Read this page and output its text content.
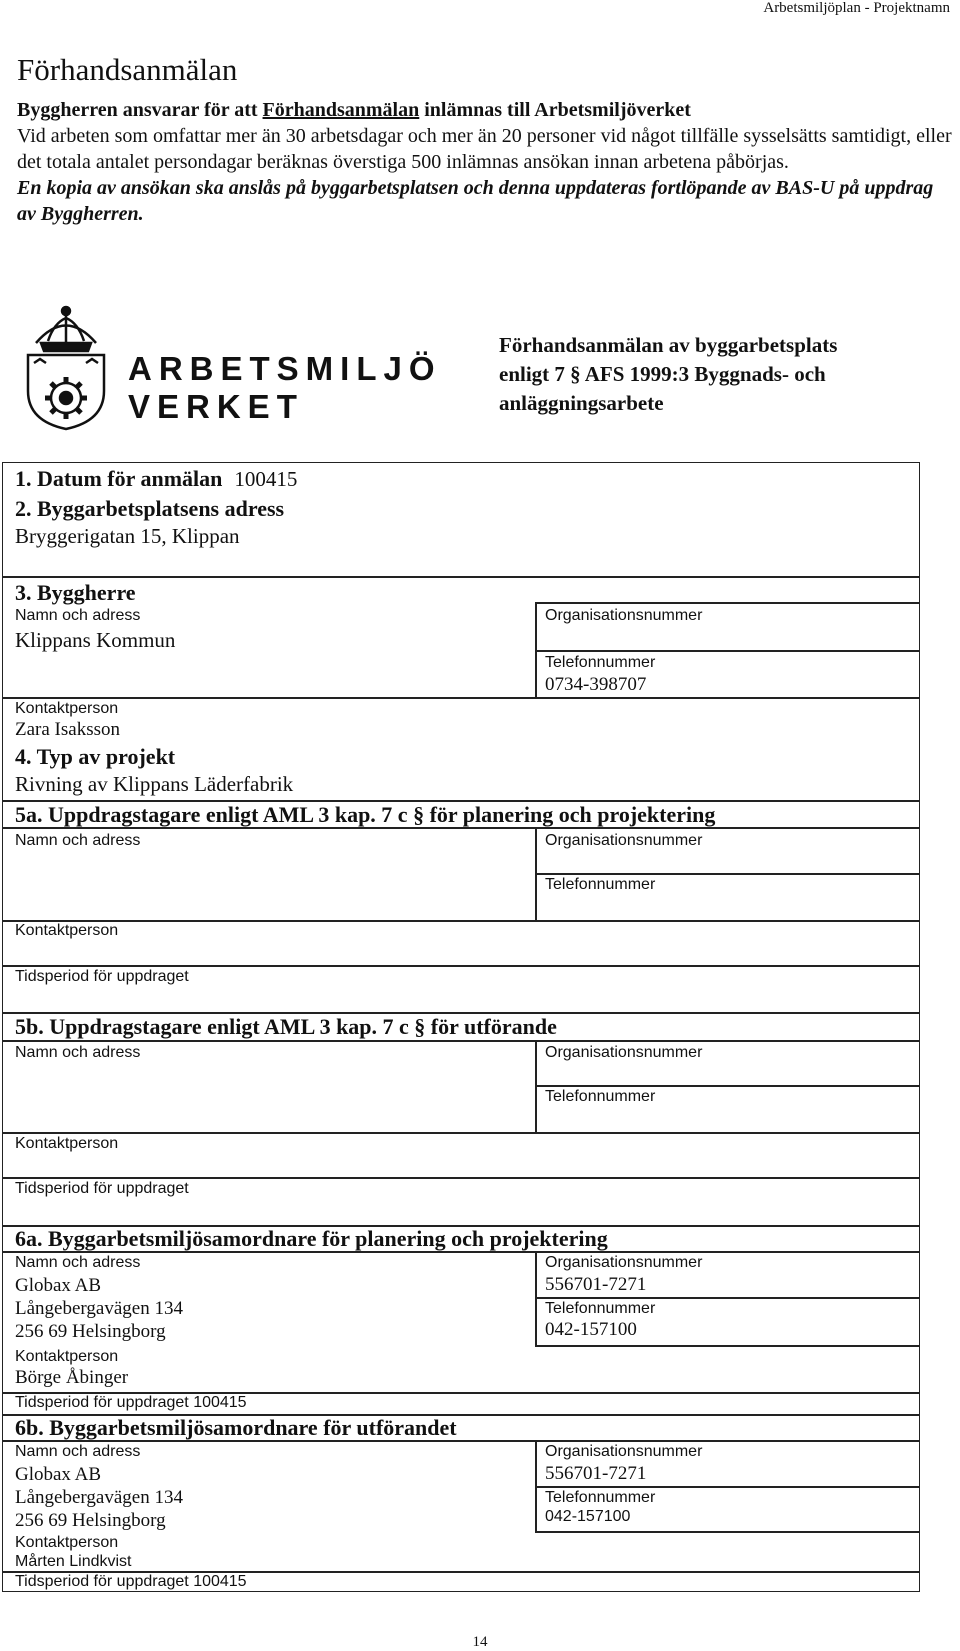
Arbetsmiljöplan - Projektnamn
Förhandsanmälan
Byggherren ansvarar för att Förhandsanmälan inlämnas till Arbetsmiljöverket
Vid arbeten som omfattar mer än 30 arbetsdagar och mer än 20 personer vid något tillfälle sysselsätts samtidigt, eller det totala antalet persondagar beräknas överstiga 500 inlämnas ansökan innan arbetena påbörjas.
En kopia av ansökan ska anslås på byggarbetsplatsen och denna uppdateras fortlöpande av BAS-U på uppdrag av Byggherren.
ARBETSMILJÖ
VERKET
Förhandsanmälan av byggarbetsplats
enligt 7 § AFS 1999:3 Byggnads- och
anläggningsarbete
1. Datum för anmälan 100415
2. Byggarbetsplatsens adress
Bryggerigatan 15, Klippan
3. Byggherre
Namn och adress
Klippans Kommun
Organisationsnummer
Telefonnummer
0734-398707
Kontaktperson
Zara Isaksson
4. Typ av projekt
Rivning av Klippans Läderfabrik
5a. Uppdragstagare enligt AML 3 kap. 7 c § för planering och projektering
Namn och adress	Organisationsnummer
Telefonnummer
Kontaktperson
Tidsperiod för uppdraget
5b. Uppdragstagare enligt AML 3 kap. 7 c § för utförande
Namn och adress	Organisationsnummer
Telefonnummer
Kontaktperson
Tidsperiod för uppdraget
6a. Byggarbetsmiljösamordnare för planering och projektering
Namn och adress
Globax AB
Långebergavägen 134
256 69 Helsingborg
Organisationsnummer
556701-7271
Telefonnummer
042-157100
Kontaktperson
Börge Åbinger
Tidsperiod för uppdraget 100415
6b. Byggarbetsmiljösamordnare för utförandet
Namn och adress
Globax AB
Långebergavägen 134
256 69 Helsingborg
Organisationsnummer
556701-7271
Telefonnummer
042-157100
Kontaktperson
Mårten Lindkvist
Tidsperiod för uppdraget 100415
14
